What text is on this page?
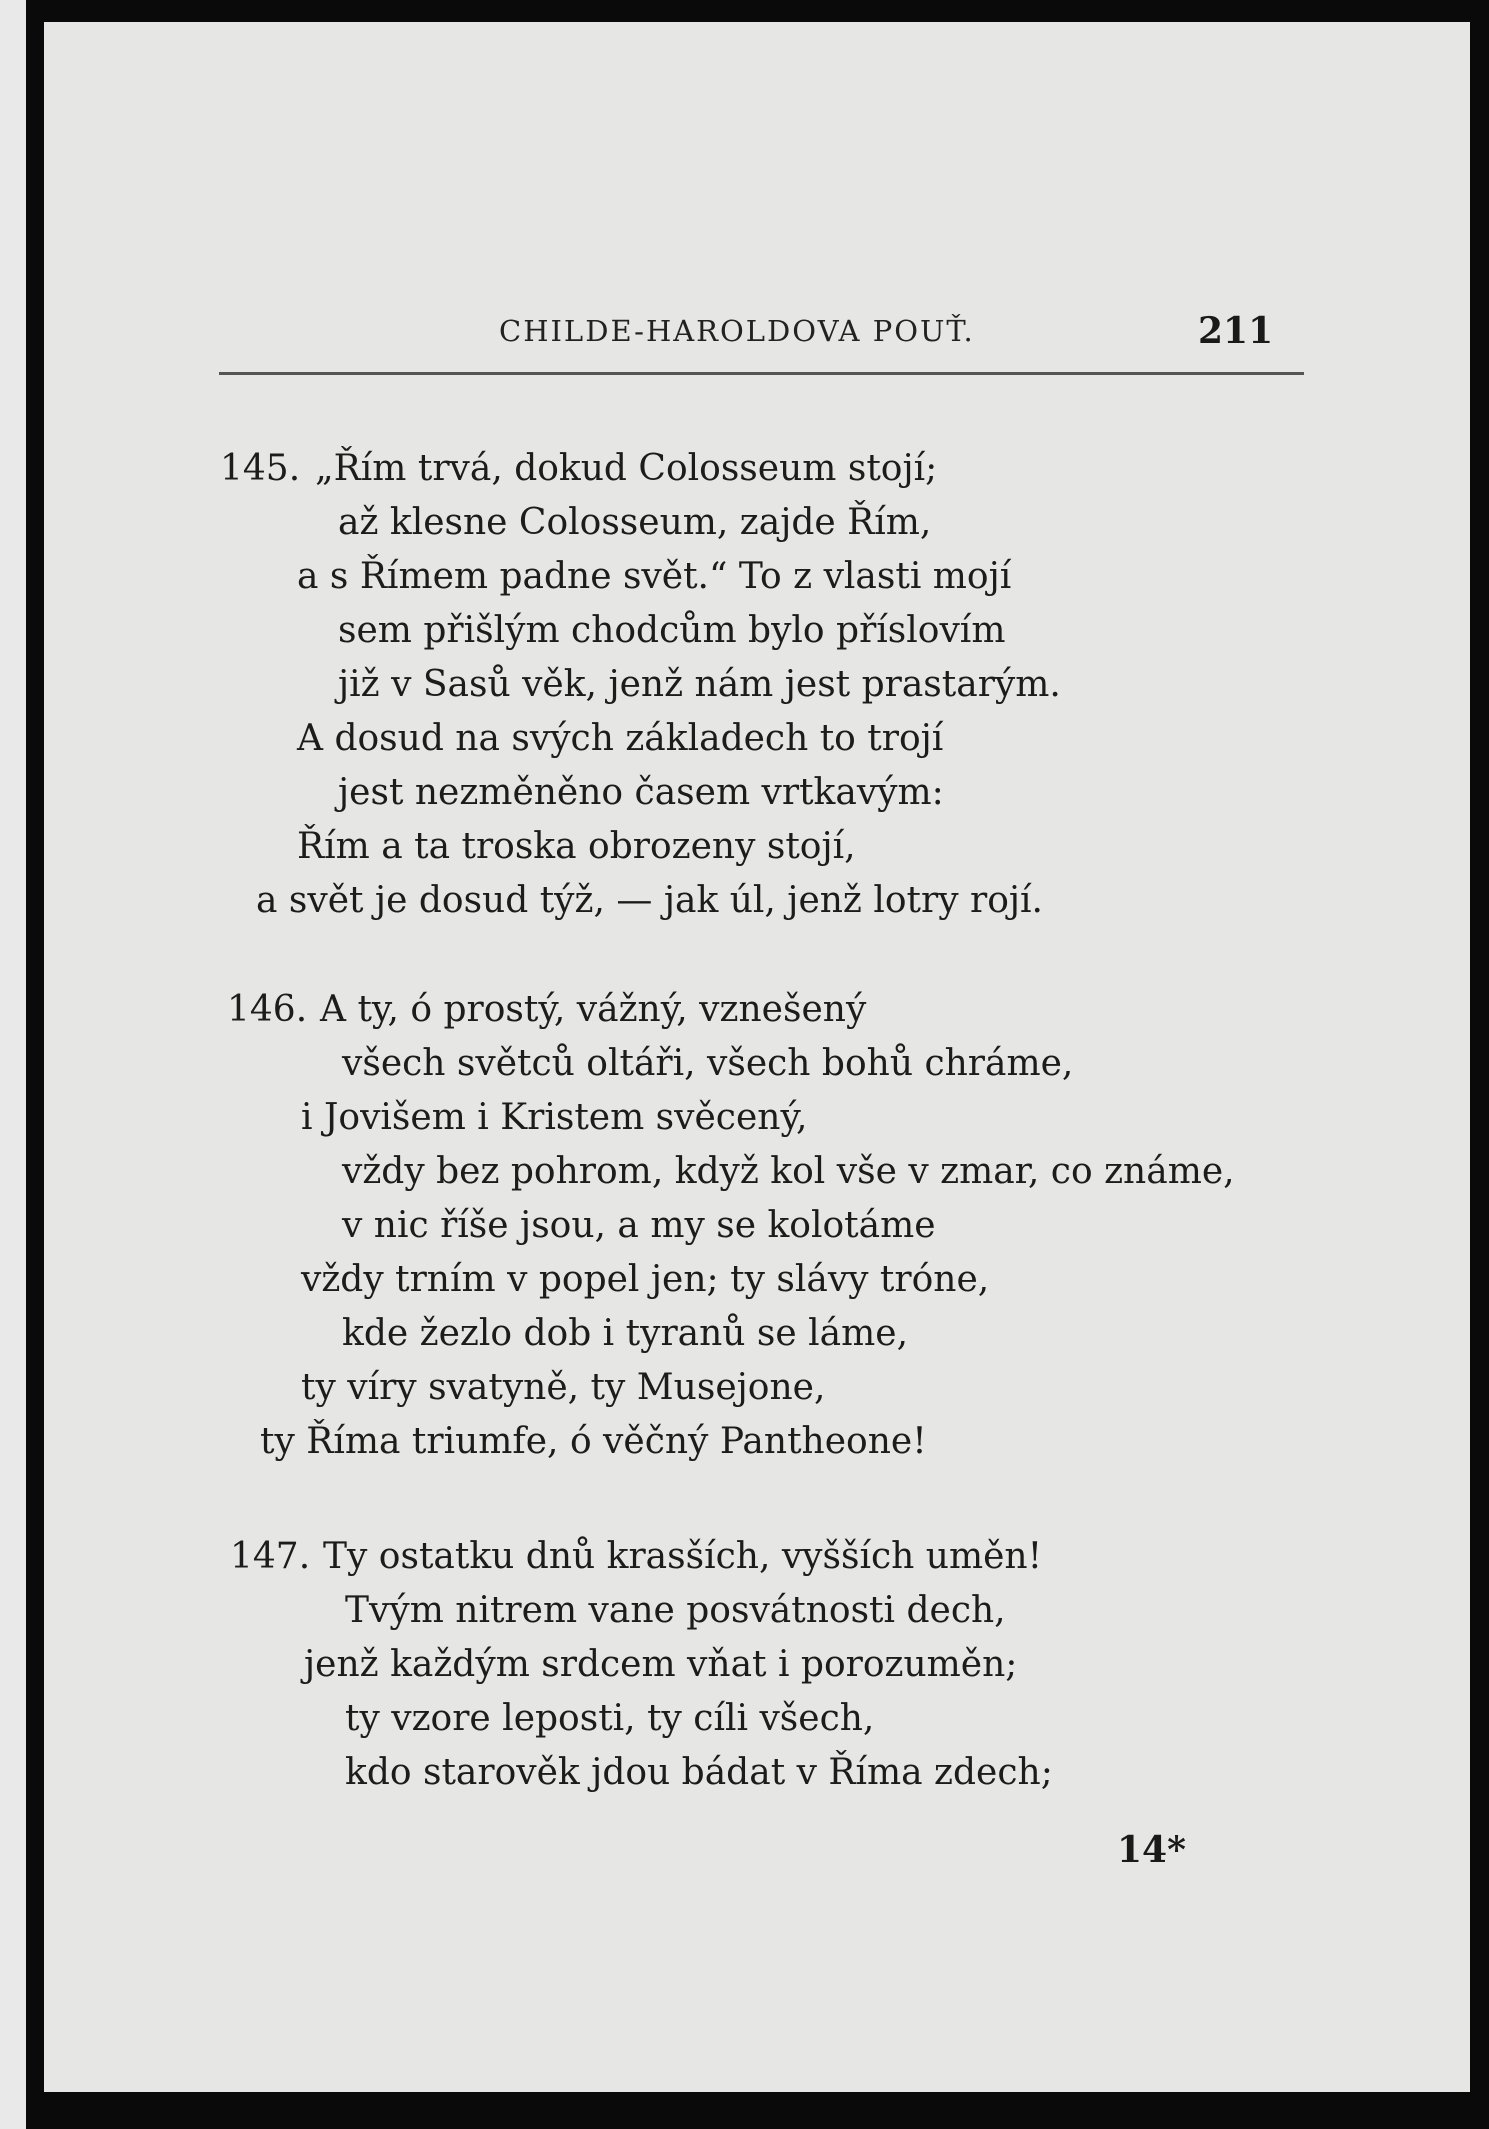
CHILDE-HAROLDOVA POUŤ.	211
145. „Řím trvá, dokud Colosseum stojí;
až klesne Colosseum, zajde Řím,
a s Římem padne svět.“ To z vlasti mojí
sem přišlým chodcům bylo příslovím
již v Sasů věk, jenž nám jest prastarým.
A dosud na svých základech to trojí
jest nezměněno časem vrtkavým:
Řím a ta troska obrozeny stojí,
a svět je dosud týž, — jak úl, jenž lotry rojí.
146. A ty, ó prostý, vážný, vznešený
všech světců oltáři, všech bohů chráme,
i Jovišem i Kristem svěcený,
vždy bez pohrom, když kol vše v zmar, co známe,
v nic říše jsou, a my se kolotáme
vždy trním v popel jen; ty slávy tróne,
kde žezlo dob i tyranů se láme,
ty víry svatyně, ty Musejone,
ty Říma triumfe, ó věčný Pantheone!
147. Ty ostatku dnů krasších, vyšších uměn!
Tvým nitrem vane posvátnosti dech,
jenž každým srdcem vňat i porozuměn;
ty vzore leposti, ty cíli všech,
kdo starověk jdou bádat v Říma zdech;
14*
